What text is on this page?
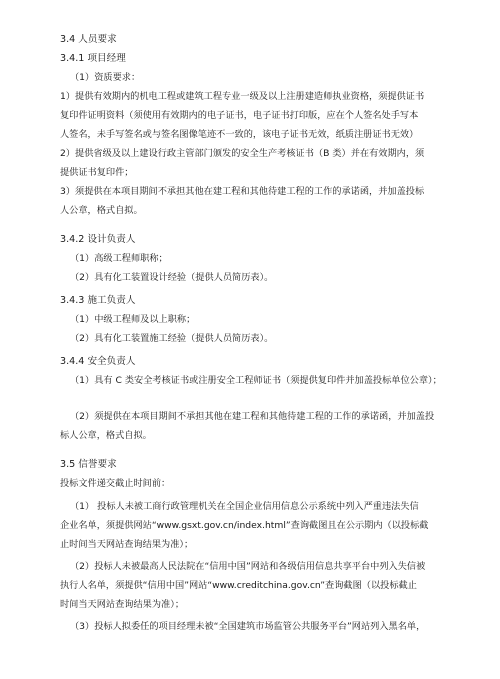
3.4 人员要求
3.4.1 项目经理
（1）资质要求：
1）提供有效期内的机电工程或建筑工程专业一级及以上注册建造师执业资格，须提供证书
复印件证明资料（须使用有效期内的电子证书，电子证书打印版，应在个人签名处手写本
人签名，未手写签名或与签名图像笔迹不一致的，该电子证书无效，纸质注册证书无效）
2）提供省级及以上建设行政主管部门颁发的安全生产考核证书（B 类）并在有效期内，须
提供证书复印件；
3）须提供在本项目期间不承担其他在建工程和其他待建工程的工作的承诺函，并加盖投标
人公章，格式自拟。
3.4.2 设计负责人
（1）高级工程师职称；
（2）具有化工装置设计经验（提供人员简历表）。
3.4.3 施工负责人
（1）中级工程师及以上职称；
（2）具有化工装置施工经验（提供人员简历表）。
3.4.4 安全负责人
（1）具有 C 类安全考核证书或注册安全工程师证书（须提供复印件并加盖投标单位公章）；
（2）须提供在本项目期间不承担其他在建工程和其他待建工程的工作的承诺函，并加盖投
标人公章，格式自拟。
3.5 信誉要求
投标文件递交截止时间前：
（1） 投标人未被工商行政管理机关在全国企业信用信息公示系统中列入严重违法失信
企业名单，须提供网站“www.gsxt.gov.cn/index.html”查询截图且在公示期内（以投标截
止时间当天网站查询结果为准）；
（2）投标人未被最高人民法院在“信用中国”网站和各级信用信息共享平台中列入失信被
执行人名单，须提供“信用中国”网站“www.creditchina.gov.cn”查询截图（以投标截止
时间当天网站查询结果为准）；
（3）投标人拟委任的项目经理未被“全国建筑市场监管公共服务平台”网站列入黑名单，
